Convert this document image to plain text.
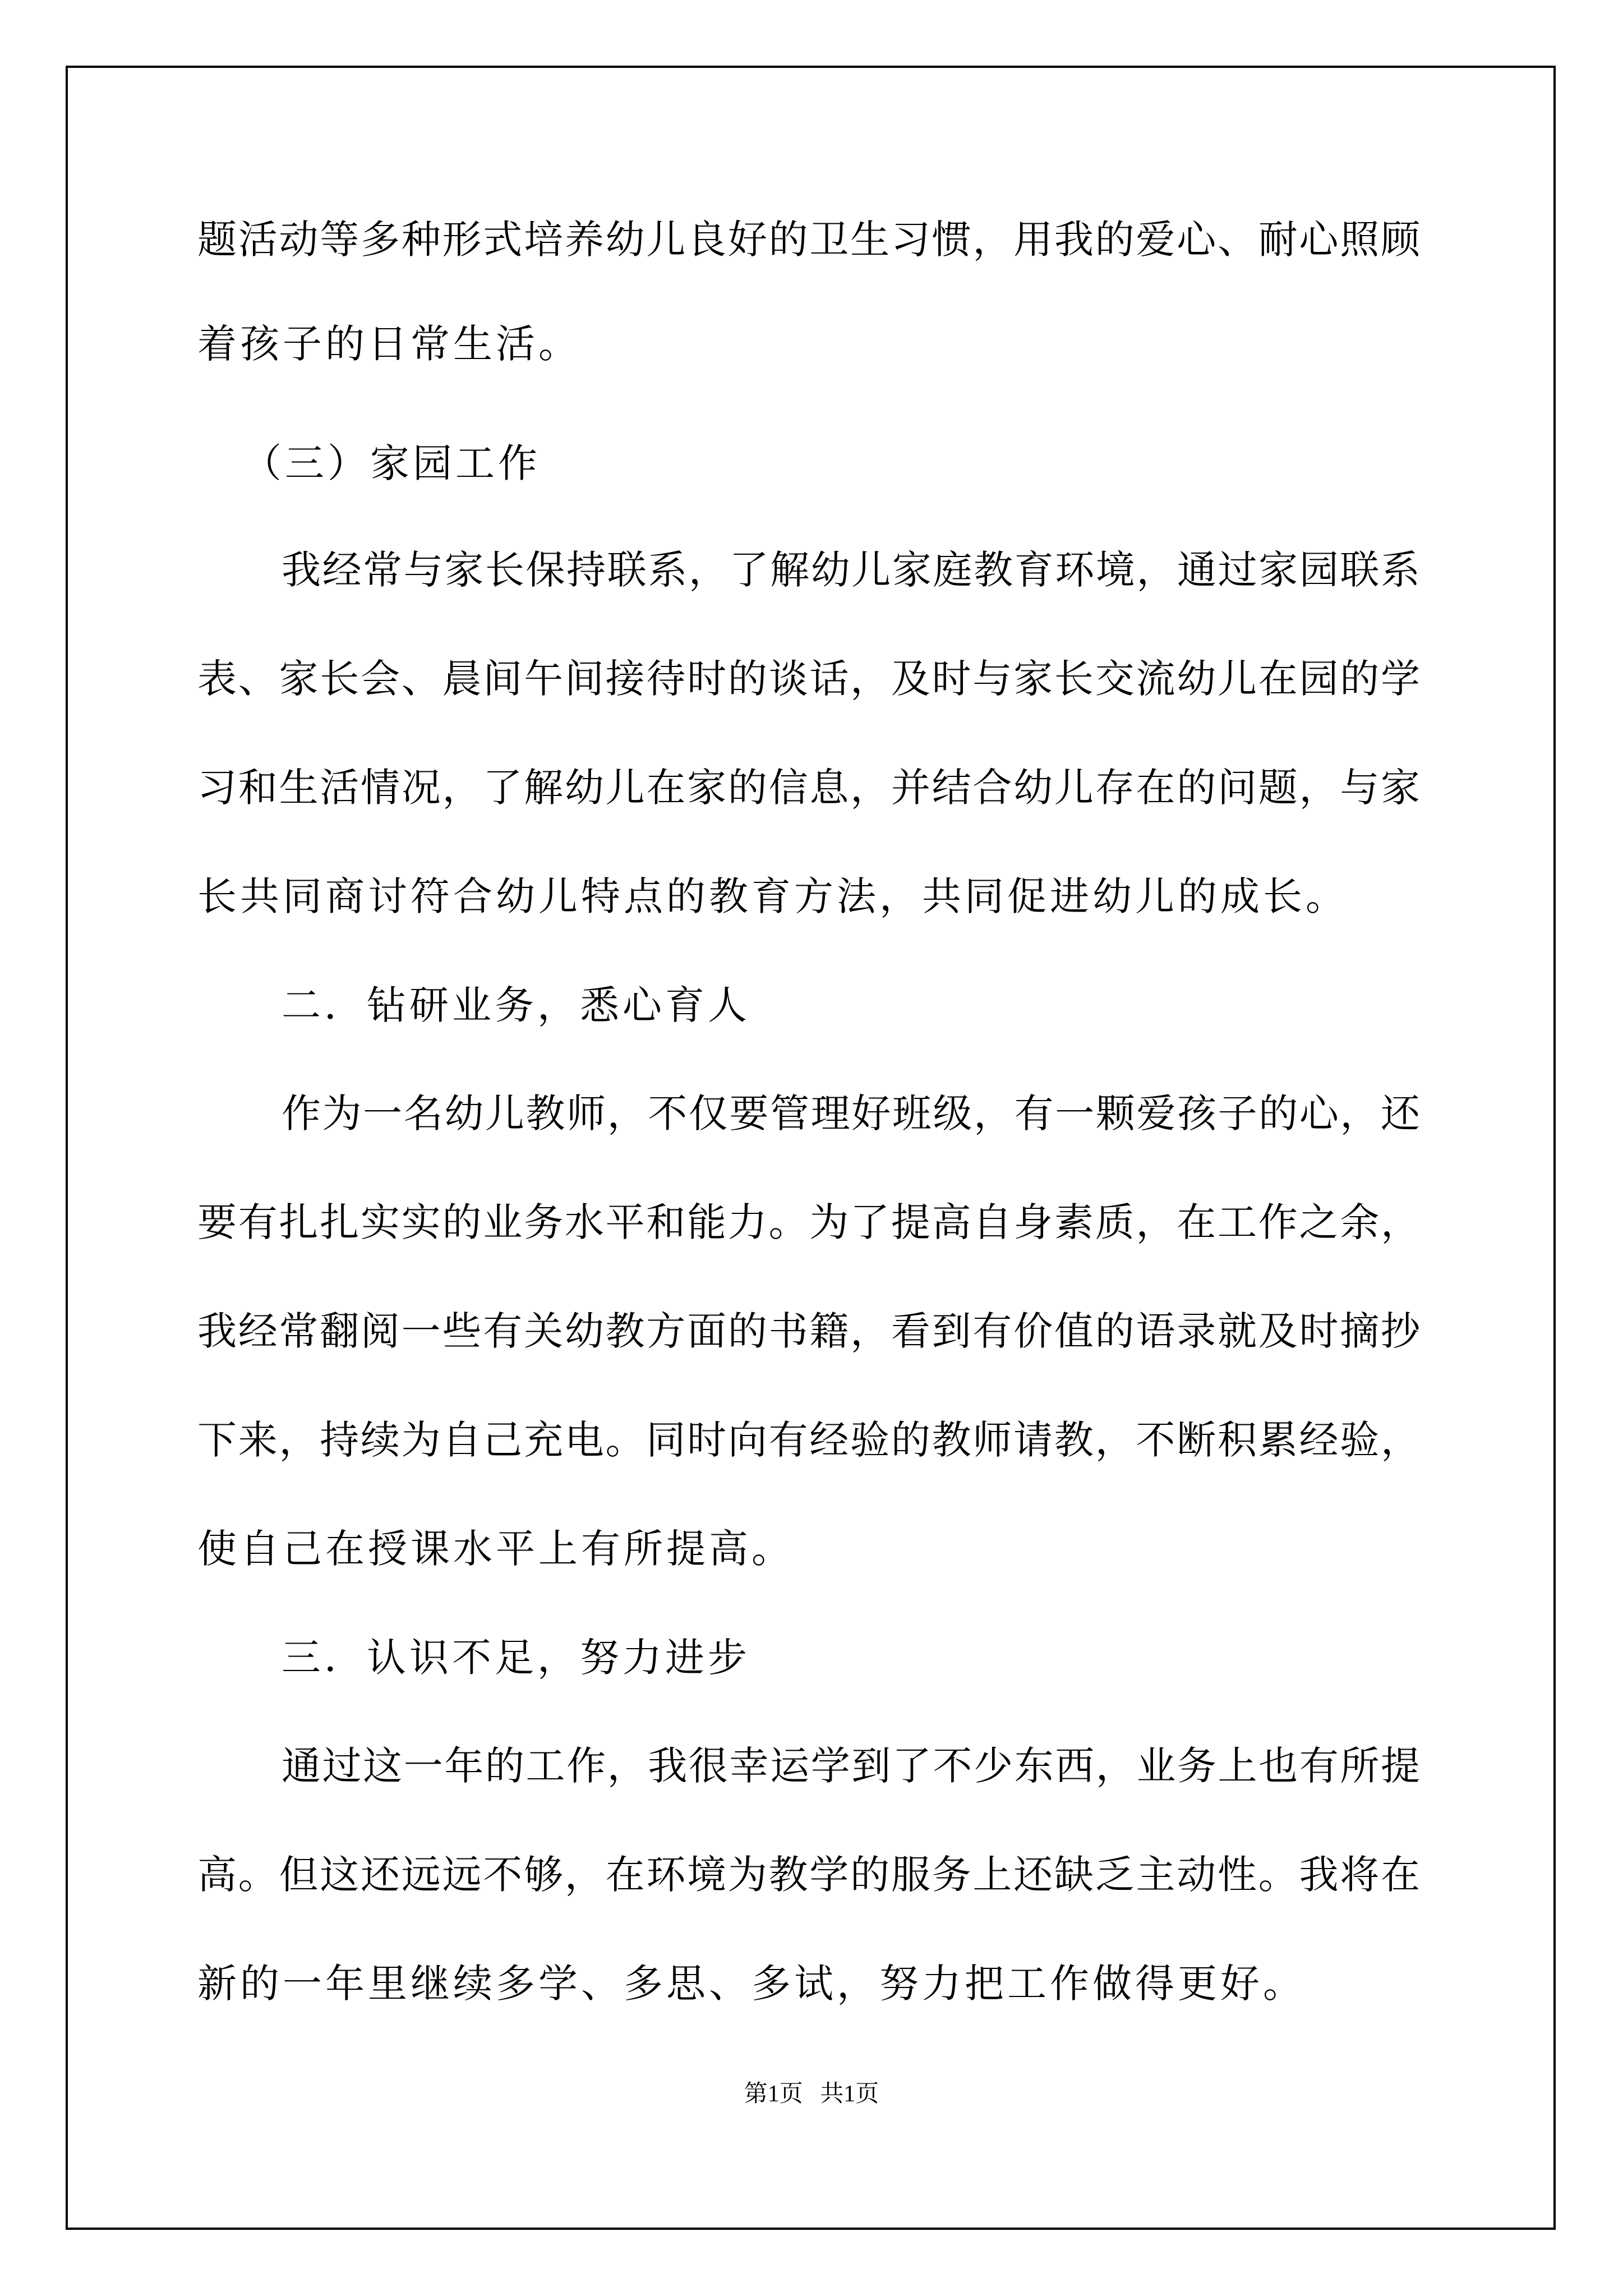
题活动等多种形式培养幼儿良好的卫生习惯，用我的爱心、耐心照顾
着孩子的日常生活。
（三）家园工作
我经常与家长保持联系，了解幼儿家庭教育环境，通过家园联系
表、家长会、晨间午间接待时的谈话，及时与家长交流幼儿在园的学
习和生活情况，了解幼儿在家的信息，并结合幼儿存在的问题，与家
长共同商讨符合幼儿特点的教育方法，共同促进幼儿的成长。
二．钻研业务，悉心育人
作为一名幼儿教师，不仅要管理好班级，有一颗爱孩子的心，还
要有扎扎实实的业务水平和能力。为了提高自身素质，在工作之余，
我经常翻阅一些有关幼教方面的书籍，看到有价值的语录就及时摘抄
下来，持续为自己充电。同时向有经验的教师请教，不断积累经验，
使自己在授课水平上有所提高。
三．认识不足，努力进步
通过这一年的工作，我很幸运学到了不少东西，业务上也有所提
高。但这还远远不够，在环境为教学的服务上还缺乏主动性。我将在
新的一年里继续多学、多思、多试，努力把工作做得更好。
第1页 共1页
